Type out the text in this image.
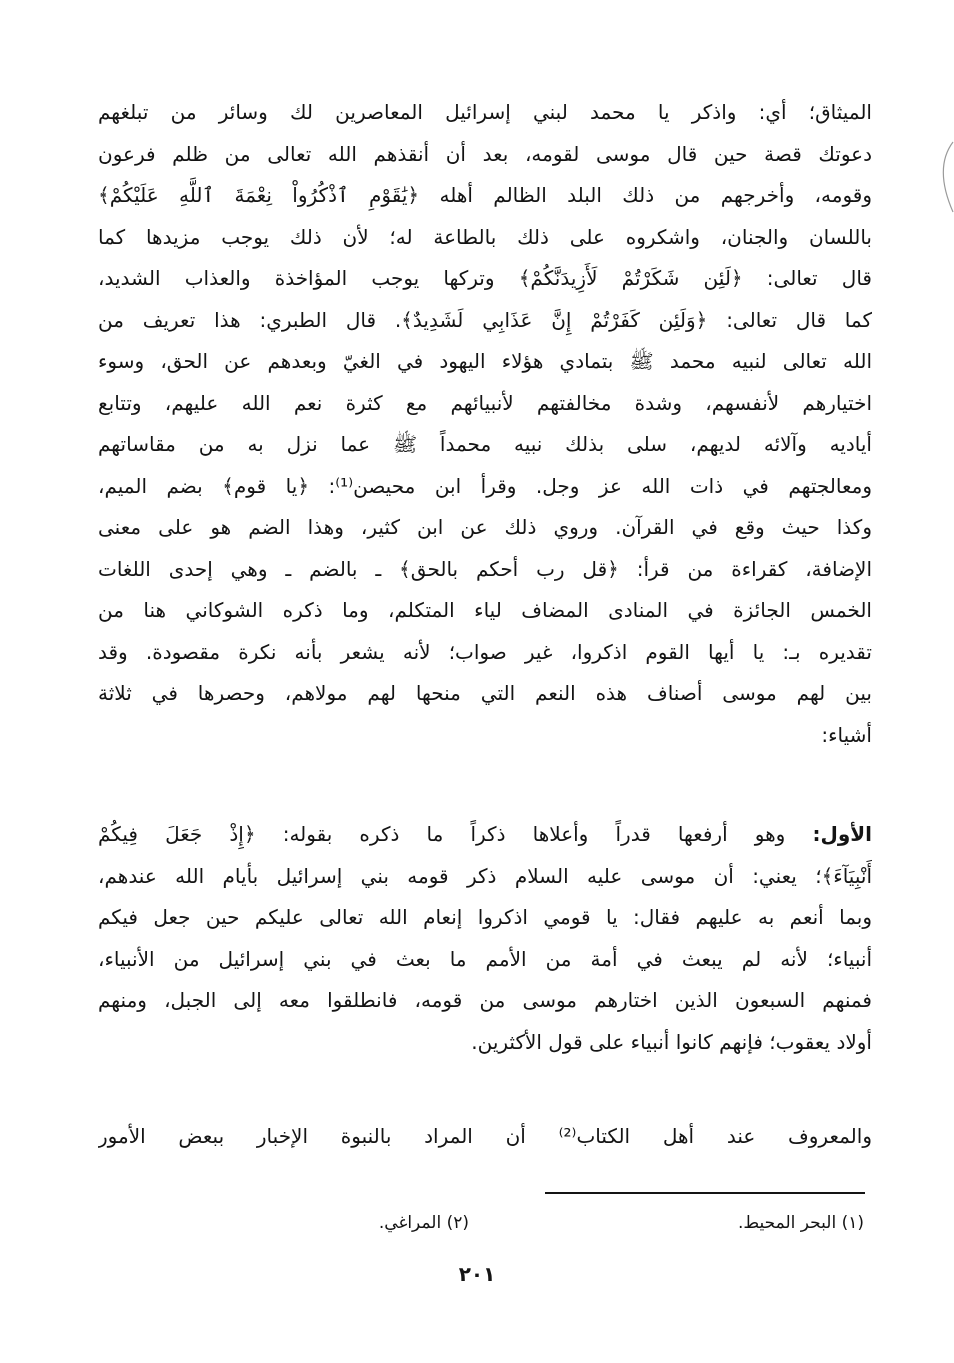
الميثاق؛ أي: واذكر يا محمد لبني إسرائيل المعاصرين لك وسائر من تبلغهم
دعوتك قصة حين قال موسى لقومه، بعد أن أنقذهم الله تعالى من ظلم فرعون
وقومه، وأخرجهم من ذلك البلد الظالم أهله ﴿يَٰقَوْمِ ٱذْكُرُواْ نِعْمَةَ ٱللَّهِ عَلَيْكُمْ﴾
باللسان والجنان، واشكروه على ذلك بالطاعة له؛ لأن ذلك يوجب مزيدها كما
قال تعالى: ﴿لَئِن شَكَرْتُمْ لَأَزِيدَنَّكُمْ﴾ وتركها يوجب المؤاخذة والعذاب الشديد،
كما قال تعالى: ﴿وَلَئِن كَفَرْتُمْ إِنَّ عَذَابِي لَشَدِيدٌ﴾. قال الطبري: هذا تعريف من
الله تعالى لنبيه محمد ﷺ بتمادي هؤلاء اليهود في الغيّ وبعدهم عن الحق، وسوء
اختيارهم لأنفسهم، وشدة مخالفتهم لأنبيائهم مع كثرة نعم الله عليهم، وتتابع
أياديه وآلائه لديهم، سلى بذلك نبيه محمداً ﷺ عما نزل به من مقاساتهم
ومعالجتهم في ذات الله عز وجل. وقرأ ابن محيصن⁽¹⁾: ﴿يا قوم﴾ بضم الميم،
وكذا حيث وقع في القرآن. وروي ذلك عن ابن كثير، وهذا الضم هو على معنى
الإضافة، كقراءة من قرأ: ﴿قل رب أحكم بالحق﴾ ـ بالضم ـ وهي إحدى اللغات
الخمس الجائزة في المنادى المضاف لياء المتكلم، وما ذكره الشوكاني هنا من
تقديره بـ: يا أيها القوم اذكروا، غير صواب؛ لأنه يشعر بأنه نكرة مقصودة. وقد
بين لهم موسى أصناف هذه النعم التي منحها لهم مولاهم، وحصرها في ثلاثة
أشياء:
الأول: وهو أرفعها قدراً وأعلاها ذكراً ما ذكره بقوله: ﴿إِذْ جَعَلَ فِيكُمْ
أَنْبِيَآءَ﴾؛ يعني: أن موسى عليه السلام ذكر قومه بني إسرائيل بأيام الله عندهم،
وبما أنعم به عليهم فقال: يا قومي اذكروا إنعام الله تعالى عليكم حين جعل فيكم
أنبياء؛ لأنه لم يبعث في أمة من الأمم ما بعث في بني إسرائيل من الأنبياء،
فمنهم السبعون الذين اختارهم موسى من قومه، فانطلقوا معه إلى الجبل، ومنهم
أولاد يعقوب؛ فإنهم كانوا أنبياء على قول الأكثرين.
والمعروف عند أهل الكتاب⁽²⁾ أن المراد بالنبوة الإخبار ببعض الأمور
(١) البحر المحيط.
(٢) المراغي.
٢٠١
